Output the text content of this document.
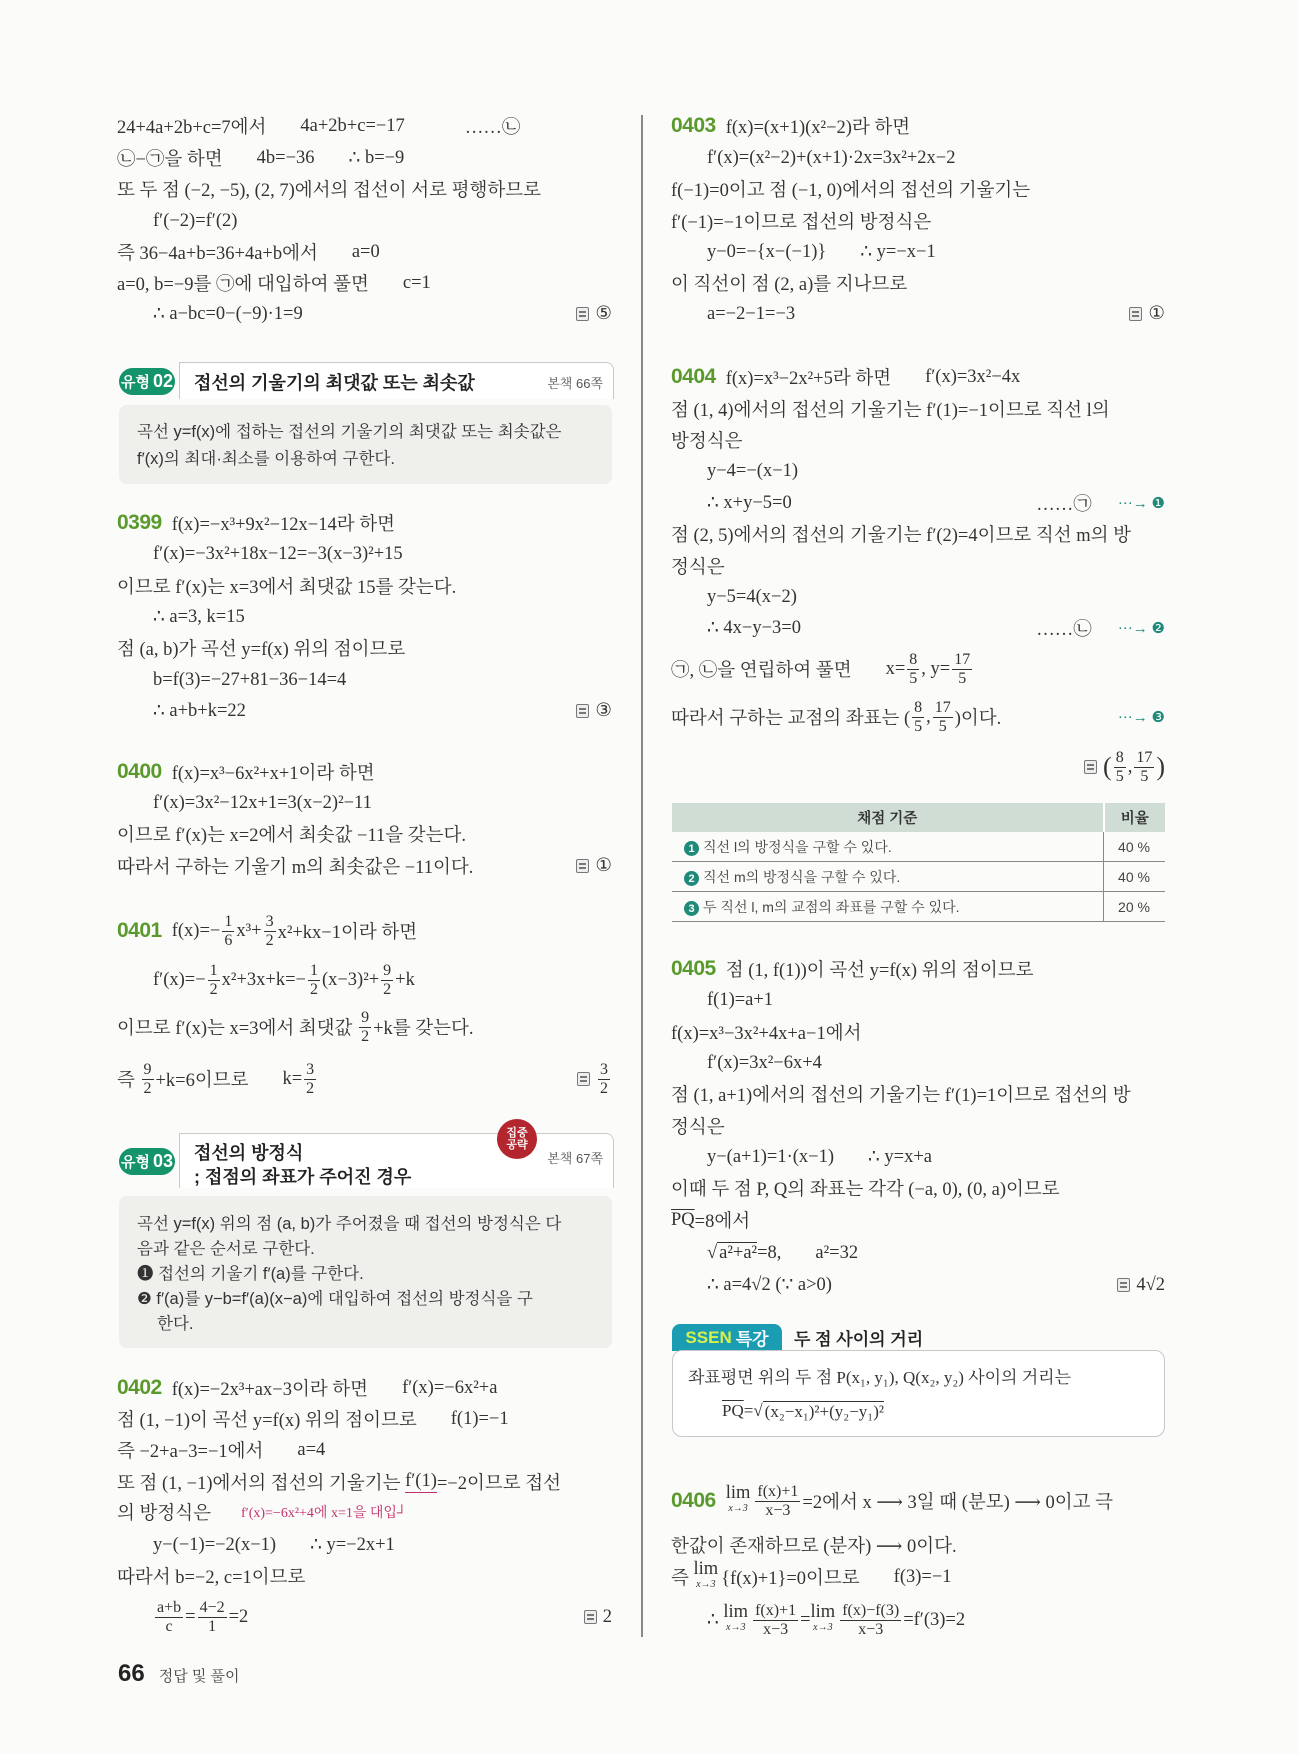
24+4a+2b+c=7에서 4a+2b+c=−17	……㉡
㉡−㉠을 하면 4b=−36 ∴ b=−9
또 두 점 (−2, −5), (2, 7)에서의 접선이 서로 평행하므로
f′(−2)=f′(2)
즉 36−4a+b=36+4a+b에서 a=0
a=0, b=−9를 ㉠에 대입하여 풀면 c=1
∴ a−bc=0−(−9)·1=9	⑤
유형 02 접선의 기울기의 최댓값 또는 최솟값	본책 66쪽
곡선 y=f(x)에 접하는 접선의 기울기의 최댓값 또는 최솟값은
f′(x)의 최대·최소를 이용하여 구한다.
0399 f(x)=−x³+9x²−12x−14라 하면
f′(x)=−3x²+18x−12=−3(x−3)²+15
이므로 f′(x)는 x=3에서 최댓값 15를 갖는다.
∴ a=3, k=15
점 (a, b)가 곡선 y=f(x) 위의 점이므로
b=f(3)=−27+81−36−14=4
∴ a+b+k=22	③
0400 f(x)=x³−6x²+x+1이라 하면
f′(x)=3x²−12x+1=3(x−2)²−11
이므로 f′(x)는 x=2에서 최솟값 −11을 갖는다.
따라서 구하는 기울기 m의 최솟값은 −11이다.	①
0401 $f(x)=- \frac{1}{6} x^3+ \frac{3}{2} x^2+kx-1$이라 하면
$f'(x)=- \frac{1}{2} x^2+3x+k=- \frac{1}{2} (x-3)^2+ \frac{9}{2} +k$
이므로 f′(x)는 x=3에서 최댓값
$\frac{9}{2} +k$를 갖는다.
즉
$\frac{9}{2} +k=6$이므로 $k= \frac{3}{2}$	$\frac{3}{2}$
유형 03 접선의 방정식
; 접점의 좌표가 주어진 경우
본책 67쪽
집중 공략
곡선 y=f(x) 위의 점 (a, b)가 주어졌을 때 접선의 방정식은 다
음과 같은 순서로 구한다.
❶ 접선의 기울기 f′(a)를 구한다.
❷ f′(a)를 y−b=f′(a)(x−a)에 대입하여 접선의 방정식을 구
한다.
0402 f(x)=−2x³+ax−3이라 하면 f′(x)=−6x²+a
점 (1, −1)이 곡선 y=f(x) 위의 점이므로 f(1)=−1
즉 −2+a−3=−1에서 a=4
또 점 (1, −1)에서의 접선의 기울기는
f′(1) =−2이므로 접선
의 방정식은 f′(x)=−6x²+4에 x=1을 대입┘
y−(−1)=−2(x−1) ∴ y=−2x+1
따라서 b=−2, c=1이므로
$\frac{a+b}{c} = \frac{4-2}{1} =2$	2
66 정답 및 풀이
0403 f(x)=(x+1)(x²−2)라 하면
f′(x)=(x²−2)+(x+1)·2x=3x²+2x−2
f(−1)=0이고 점 (−1, 0)에서의 접선의 기울기는
f′(−1)=−1이므로 접선의 방정식은
y−0=−{x−(−1)} ∴ y=−x−1
이 직선이 점 (2, a)를 지나므로
a=−2−1=−3	①
0404 f(x)=x³−2x²+5라 하면 f′(x)=3x²−4x
점 (1, 4)에서의 접선의 기울기는 f′(1)=−1이므로 직선 l의
방정식은
y−4=−(x−1)
∴ x+y−5=0	……㉠ ···→ ❶
점 (2, 5)에서의 접선의 기울기는 f′(2)=4이므로 직선 m의 방
정식은
y−5=4(x−2)
∴ 4x−y−3=0	……㉡ ···→ ❷
㉠, ㉡을 연립하여 풀면 $x= \frac{8}{5}$ , $y= \frac{17}{5}$
따라서 구하는 교점의 좌표는 ( $\frac{8}{5}$ , $\frac{17}{5}$ )이다.	···→ ❸
( $\frac{8}{5}$ , $\frac{17}{5}$ )
채점 기준	비율
1 직선 l의 방정식을 구할 수 있다.	40 %
2 직선 m의 방정식을 구할 수 있다.	40 %
3 두 직선 l, m의 교점의 좌표를 구할 수 있다.	20 %
0405 점 (1, f(1))이 곡선 y=f(x) 위의 점이므로
f(1)=a+1
f(x)=x³−3x²+4x+a−1에서
f′(x)=3x²−6x+4
점 (1, a+1)에서의 접선의 기울기는 f′(1)=1이므로 접선의 방
정식은
y−(a+1)=1·(x−1) ∴ y=x+a
이때 두 점 P, Q의 좌표는 각각 (−a, 0), (0, a)이므로
$\overline{PQ} =8$에서
√ a²+a² =8, a²=32
∴ a=4√2 (∵ a>0)	4√2
SSEN 특강 두 점 사이의 거리
좌표평면 위의 두 점 P(x₁, y₁), Q(x₂, y₂) 사이의 거리는
$\overline{PQ}$ =√ (x₂−x₁)²+(y₂−y₁)²
0406 lim
$x\to 3 \frac{f(x)+1}{x-3} =2$에서 x ⟶ 3일 때 (분모) ⟶ 0이고 극
한값이 존재하므로 (분자) ⟶ 0이다.
즉
lim
x→3 {f(x)+1}=0이므로 f(3)=−1
∴
lim
$x\to 3 \frac{f(x)+1}{x-3} = \lim$
$x\to 3 \frac{f(x)-f(3)}{x-3} =f'(3)=2$
